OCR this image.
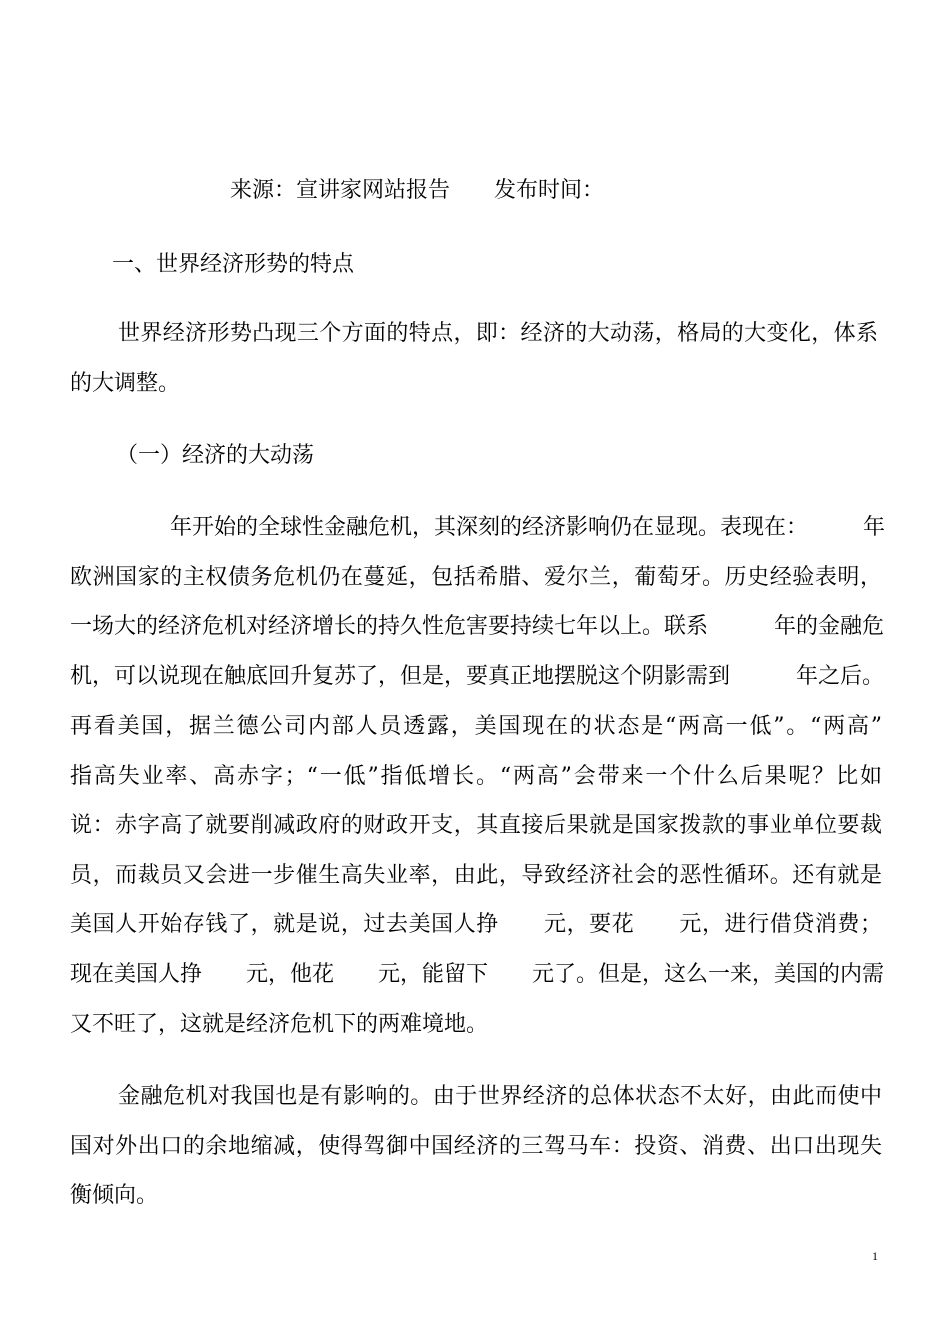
来源：宣讲家网站报告　　发布时间：
一、世界经济形势的特点
世界经济形势凸现三个方面的特点，即：经济的大动荡，格局的大变化，体系
的大调整。
（一）经济的大动荡
年开始的全球性金融危机，其深刻的经济影响仍在显现。表现在：　　　年
欧洲国家的主权债务危机仍在蔓延，包括希腊、爱尔兰，葡萄牙。历史经验表明，
一场大的经济危机对经济增长的持久性危害要持续七年以上。联系　　　年的金融危
机，可以说现在触底回升复苏了，但是，要真正地摆脱这个阴影需到　　　年之后。
再看美国，据兰德公司内部人员透露，美国现在的状态是“两高一低”。“两高”
指高失业率、高赤字；“一低”指低增长。“两高”会带来一个什么后果呢？比如
说：赤字高了就要削减政府的财政开支，其直接后果就是国家拨款的事业单位要裁
员，而裁员又会进一步催生高失业率，由此，导致经济社会的恶性循环。还有就是
美国人开始存钱了，就是说，过去美国人挣　　元，要花　　元，进行借贷消费；
现在美国人挣　　元，他花　　元，能留下　　元了。但是，这么一来，美国的内需
又不旺了，这就是经济危机下的两难境地。
金融危机对我国也是有影响的。由于世界经济的总体状态不太好，由此而使中
国对外出口的余地缩减，使得驾御中国经济的三驾马车：投资、消费、出口出现失
衡倾向。
1
